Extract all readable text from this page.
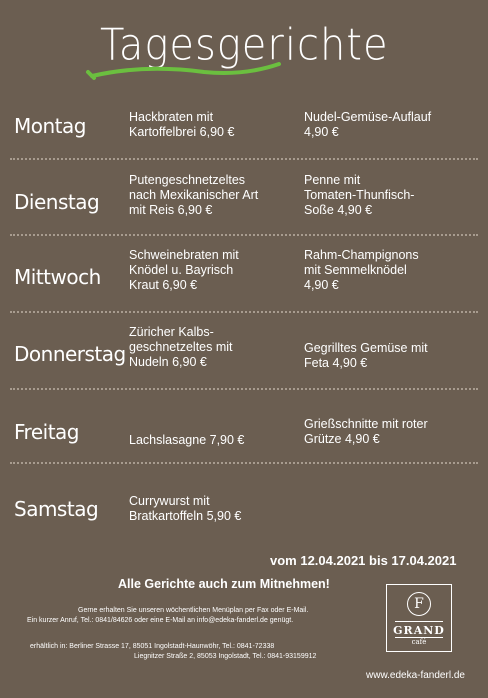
Tagesgerichte
Montag	Hackbraten mit
Kartoffelbrei 6,90 €
Nudel-Gemüse-Auflauf
4,90 €
Dienstag
Putengeschnetzeltes
nach Mexikanischer Art
mit Reis 6,90 €
Penne mit
Tomaten-Thunfisch-
Soße 4,90 €
Mittwoch
Schweinebraten mit
Knödel u. Bayrisch
Kraut 6,90 €
Rahm-Champignons
mit Semmelknödel
4,90 €
Donnerstag
Züricher Kalbs-
geschnetzeltes mit
Nudeln 6,90 €
Gegrilltes Gemüse mit
Feta 4,90 €
Freitag	Lachslasagne 7,90 €
Grießschnitte mit roter
Grütze 4,90 €
Samstag Currywurst mit
Bratkartoffeln 5,90 €
vom 12.04.2021 bis 17.04.2021
Alle Gerichte auch zum Mitnehmen!
Gerne erhalten Sie unseren wöchentlichen Menüplan per Fax oder E-Mail.
Ein kurzer Anruf, Tel.: 0841/84626 oder eine E-Mail an info@edeka-fanderl.de genügt.
erhältlich in: Berliner Strasse 17, 85051 Ingolstadt-Haunwöhr, Tel.: 0841-72338
Liegnitzer Straße 2, 85053 Ingolstadt, Tel.: 0841-93159912
F
GRAND
café
www.edeka-fanderl.de
